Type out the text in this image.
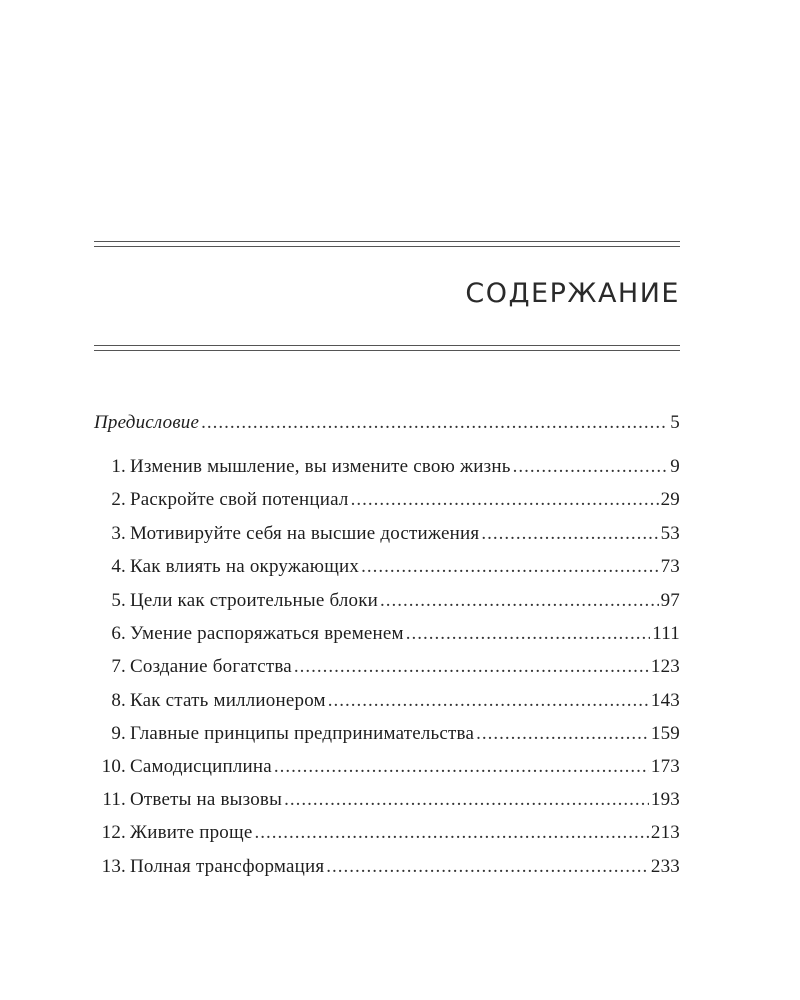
СОДЕРЖАНИЕ
Предисловие .....	5
1. Изменив мышление, вы измените свою жизнь .....	9
2. Раскройте свой потенциал .....	29
3. Мотивируйте себя на высшие достижения .....	53
4. Как влиять на окружающих .....	73
5. Цели как строительные блоки .....	97
6. Умение распоряжаться временем .....	111
7. Создание богатства .....	123
8. Как стать миллионером .....	143
9. Главные принципы предпринимательства .....	159
10. Самодисциплина .....	173
11. Ответы на вызовы .....	193
12. Живите проще .....	213
13. Полная трансформация .....	233
